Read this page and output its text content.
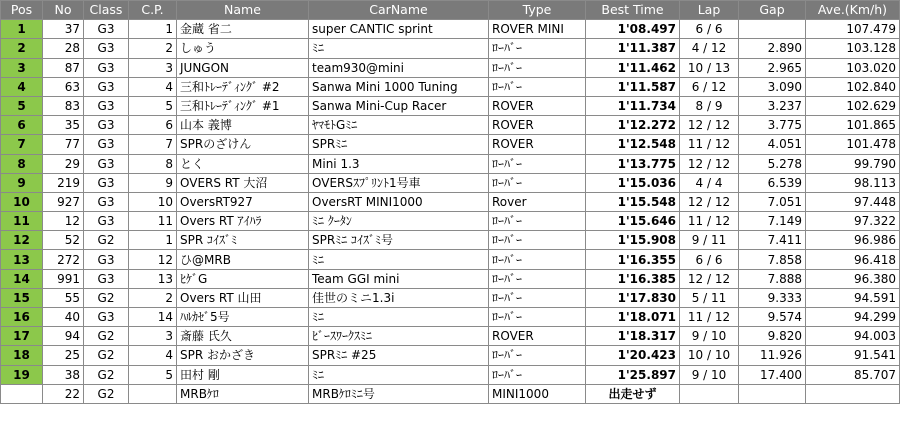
Pos	No	Class	C.P.	Name	CarName	Type	Best Time	Lap	Gap	Ave.(Km/h)
1	37	G3	1	金蔵 省二	super CANTIC sprint	ROVER MINI	1'08.497	6 / 6		107.479
2	28	G3	2	しゅう	ﾐﾆ	ﾛｰﾊﾞｰ	1'11.387	4 / 12	2.890	103.128
3	87	G3	3	JUNGON	team930@mini	ﾛｰﾊﾞｰ	1'11.462	10 / 13	2.965	103.020
4	63	G3	4	三和ﾄﾚｰﾃﾞｨﾝｸﾞ #2	Sanwa Mini 1000 Tuning	ﾛｰﾊﾞｰ	1'11.587	6 / 12	3.090	102.840
5	83	G3	5	三和ﾄﾚｰﾃﾞｨﾝｸﾞ #1	Sanwa Mini-Cup Racer	ROVER	1'11.734	8 / 9	3.237	102.629
6	35	G3	6	山本 義博	ﾔﾏﾓﾄGﾐﾆ	ROVER	1'12.272	12 / 12	3.775	101.865
7	77	G3	7	SPRのざけん	SPRﾐﾆ	ROVER	1'12.548	11 / 12	4.051	101.478
8	29	G3	8	とく	Mini 1.3	ﾛｰﾊﾞｰ	1'13.775	12 / 12	5.278	99.790
9	219	G3	9	OVERS RT 大沼	OVERSｽﾌﾟﾘﾝﾄ1号車	ﾛｰﾊﾞｰ	1'15.036	4 / 4	6.539	98.113
10	927	G3	10	OversRT927	OversRT MINI1000	Rover	1'15.548	12 / 12	7.051	97.448
11	12	G3	11	Overs RT ｱｲﾊﾗ	ﾐﾆ ｸｰﾀﾝ	ﾛｰﾊﾞｰ	1'15.646	11 / 12	7.149	97.322
12	52	G2	1	SPR ｺｲｽﾞﾐ	SPRﾐﾆ ｺｲｽﾞﾐ号	ﾛｰﾊﾞｰ	1'15.908	9 / 11	7.411	96.986
13	272	G3	12	ひ@MRB	ﾐﾆ	ﾛｰﾊﾞｰ	1'16.355	6 / 6	7.858	96.418
14	991	G3	13	ﾋｹﾞG	Team GGI mini	ﾛｰﾊﾞｰ	1'16.385	12 / 12	7.888	96.380
15	55	G2	2	Overs RT 山田	佳世のミニ1.3i	ﾛｰﾊﾞｰ	1'17.830	5 / 11	9.333	94.591
16	40	G3	14	ﾊﾙｶｾﾞ5号	ﾐﾆ	ﾛｰﾊﾞｰ	1'18.071	11 / 12	9.574	94.299
17	94	G2	3	斎藤 氏久	ﾋﾞｰｽﾜｰｸｽﾐﾆ	ROVER	1'18.317	9 / 10	9.820	94.003
18	25	G2	4	SPR おかざき	SPRﾐﾆ #25	ﾛｰﾊﾞｰ	1'20.423	10 / 10	11.926	91.541
19	38	G2	5	田村 剛	ﾐﾆ	ﾛｰﾊﾞｰ	1'25.897	9 / 10	17.400	85.707
	22	G2		MRBｹﾛ	MRBｹﾛﾐﾆ号	MINI1000	出走せず			
